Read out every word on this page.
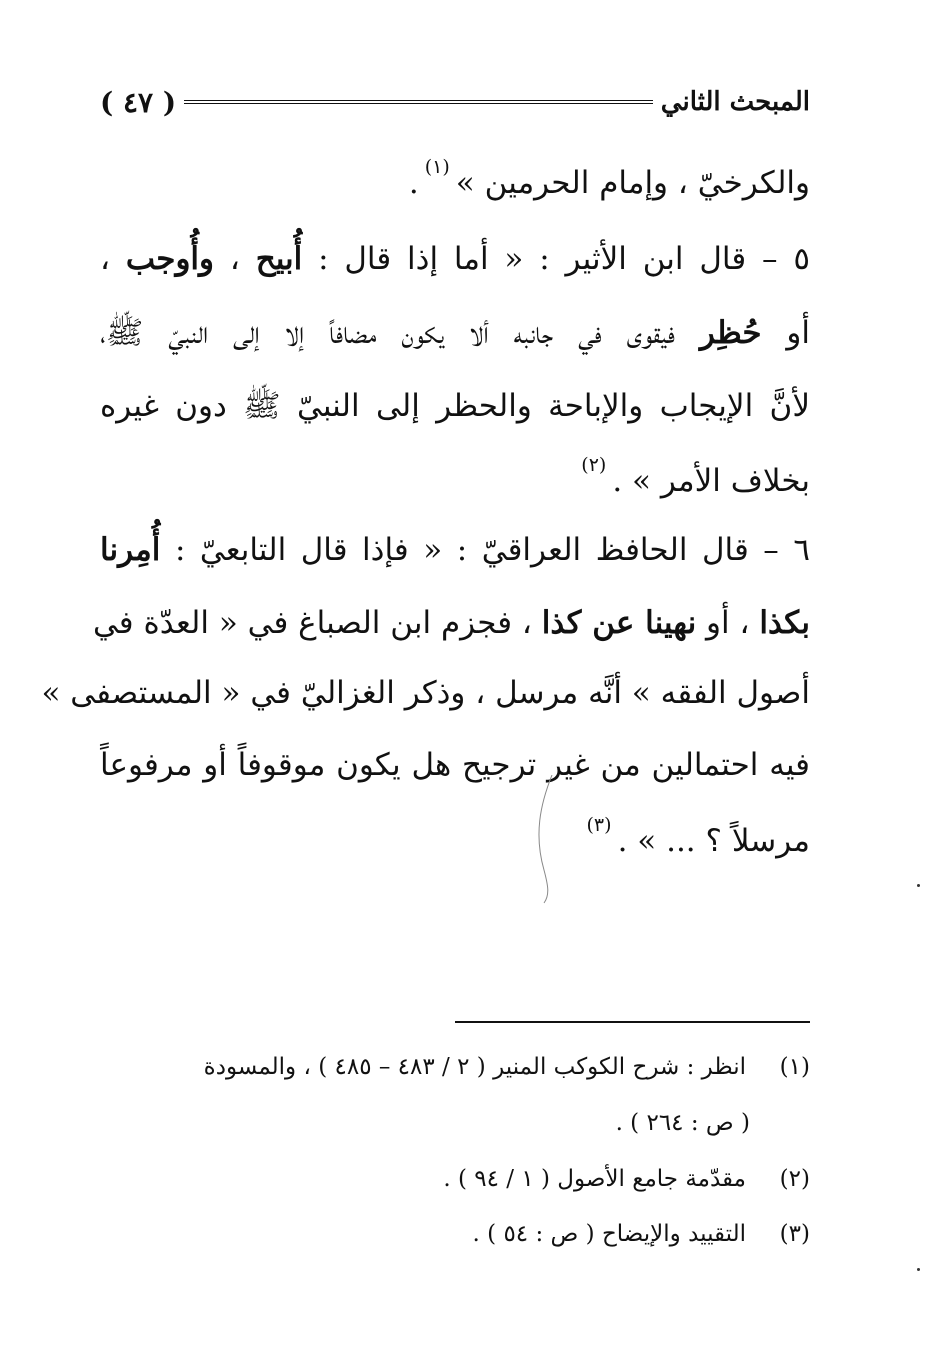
المبحث الثاني
( ٤٧ )
والكرخيّ ، وإمام الحرمين »$^{(١)}$.
٥ – قال ابن الأثير : « أما إذا قال : أُبيح ، وأُوجب ،
أو حُظِر فيقوى في جانبه ألا يكون مضافاً إلا إلى النبيّ ﷺ،
لأنَّ الإيجاب والإباحة والحظر إلى النبيّ ﷺ دون غيره
بخلاف الأمر » .$^{(٢)}$
٦ – قال الحافظ العراقيّ : « فإذا قال التابعيّ : أُمِرنا
بكذا ، أو نهينا عن كذا ، فجزم ابن الصباغ في « العدّة في
أصول الفقه » أنَّه مرسل ، وذكر الغزاليّ في « المستصفى »
فيه احتمالين من غير ترجيح هل يكون موقوفاً أو مرفوعاً
مرسلاً ؟ ... » .$^{(٣)}$
(١)انظر : شرح الكوكب المنير ( ٢ / ٤٨٣ – ٤٨٥ ) ، والمسودة
( ص : ٢٦٤ ) .
(٢)مقدّمة جامع الأصول ( ١ / ٩٤ ) .
(٣)التقييد والإيضاح ( ص : ٥٤ ) .
